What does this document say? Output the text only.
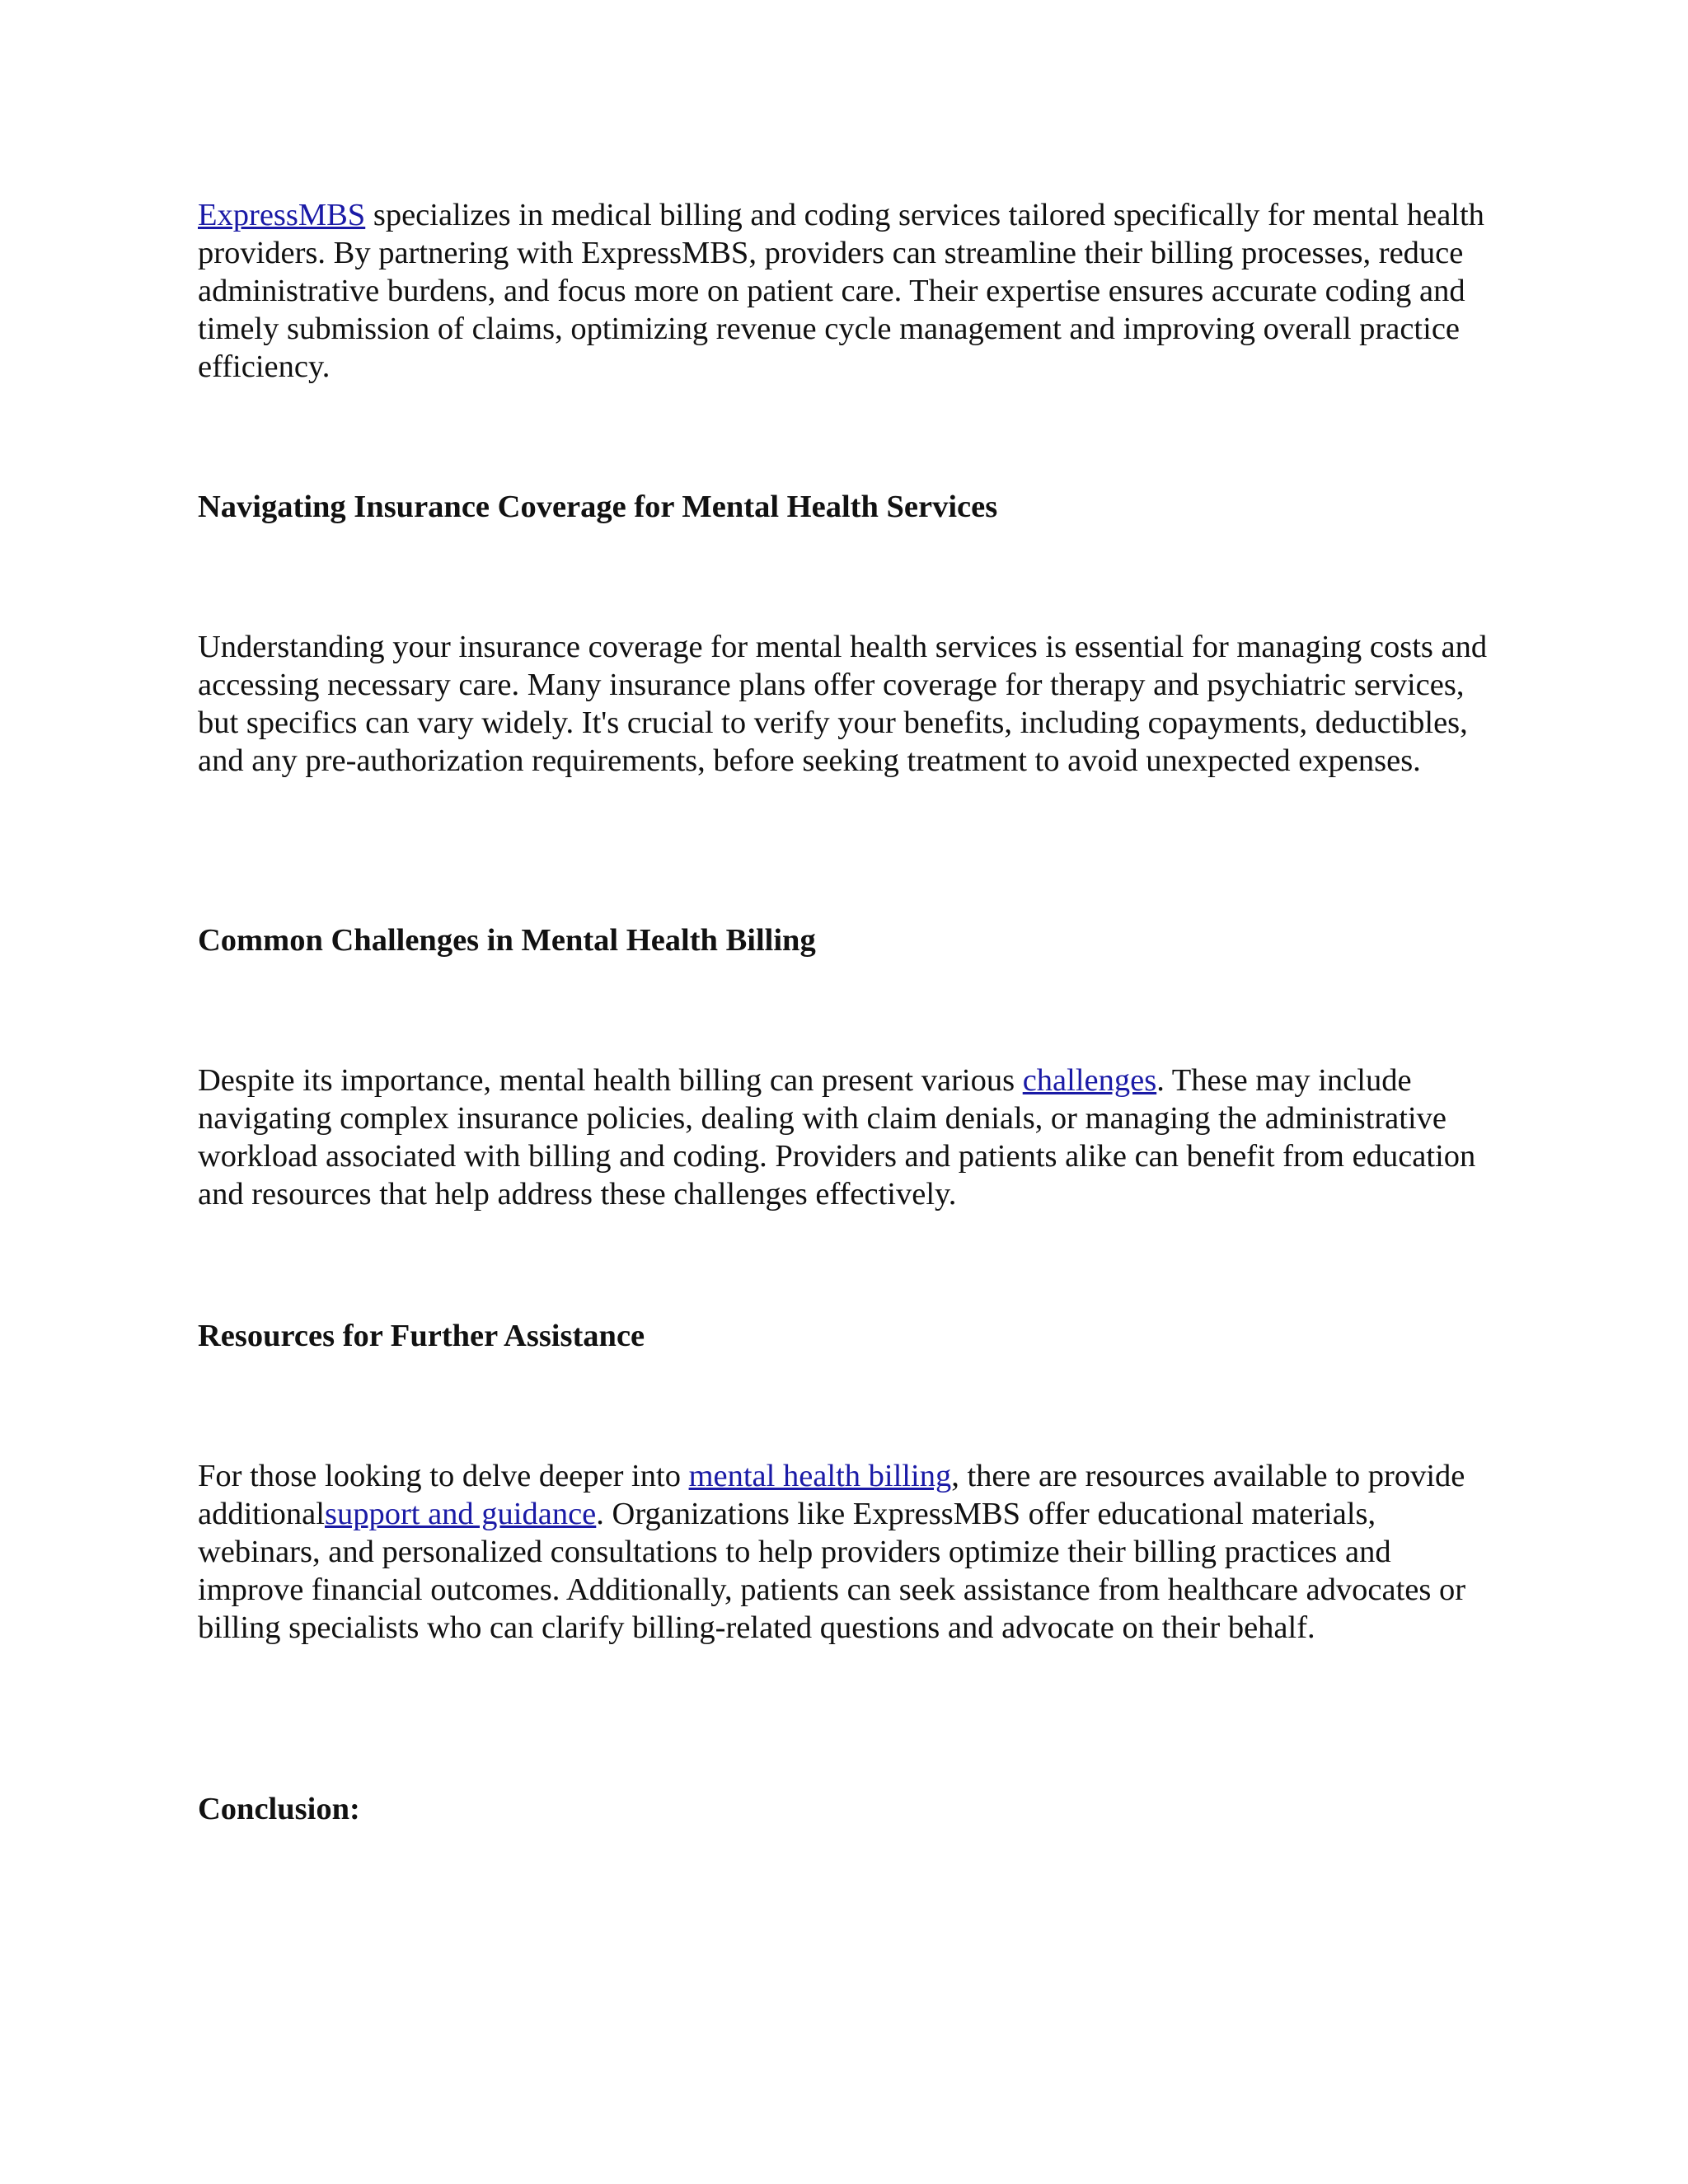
ExpressMBS specializes in medical billing and coding services tailored specifically for mental health providers. By partnering with ExpressMBS, providers can streamline their billing processes, reduce administrative burdens, and focus more on patient care. Their expertise ensures accurate coding and timely submission of claims, optimizing revenue cycle management and improving overall practice efficiency.

Navigating Insurance Coverage for Mental Health Services

Understanding your insurance coverage for mental health services is essential for managing costs and accessing necessary care. Many insurance plans offer coverage for therapy and psychiatric services, but specifics can vary widely. It's crucial to verify your benefits, including copayments, deductibles, and any pre-authorization requirements, before seeking treatment to avoid unexpected expenses.

Common Challenges in Mental Health Billing

Despite its importance, mental health billing can present various challenges. These may include navigating complex insurance policies, dealing with claim denials, or managing the administrative workload associated with billing and coding. Providers and patients alike can benefit from education and resources that help address these challenges effectively.

Resources for Further Assistance

For those looking to delve deeper into mental health billing, there are resources available to provide additionalsupport and guidance. Organizations like ExpressMBS offer educational materials, webinars, and personalized consultations to help providers optimize their billing practices and improve financial outcomes. Additionally, patients can seek assistance from healthcare advocates or billing specialists who can clarify billing-related questions and advocate on their behalf.

Conclusion:
